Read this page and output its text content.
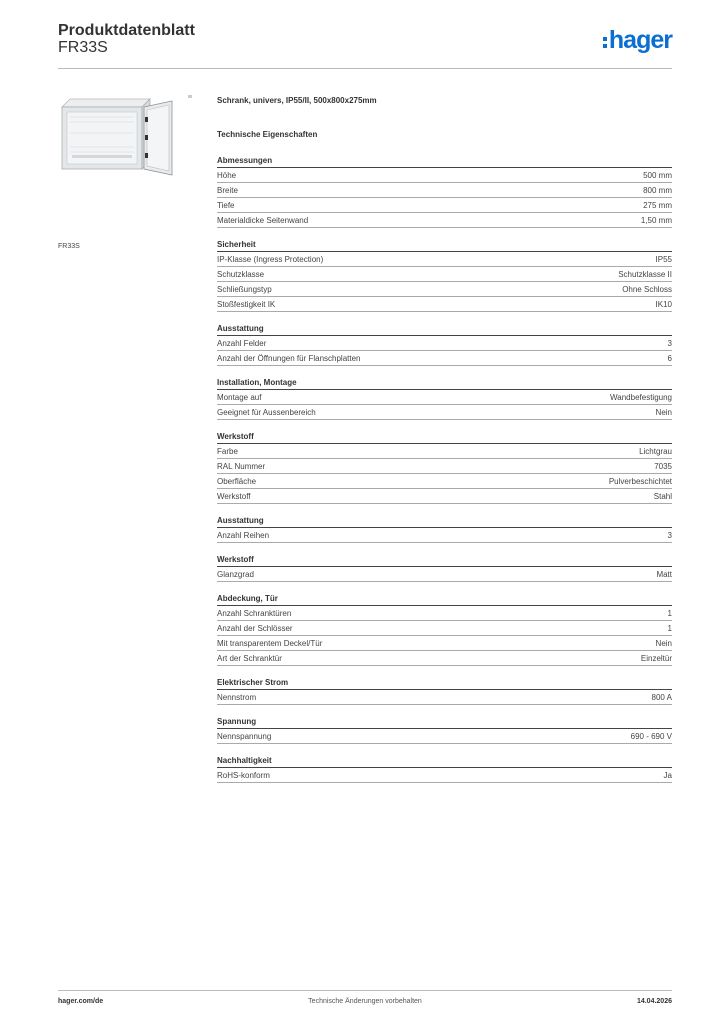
Produktdatenblatt
FR33S	hager
FR33S
Schrank, univers, IP55/II, 500x800x275mm
Technische Eigenschaften
Abmessungen
Höhe	500 mm
Breite	800 mm
Tiefe	275 mm
Materialdicke Seitenwand	1,50 mm
Sicherheit
IP-Klasse (Ingress Protection)	IP55
Schutzklasse	Schutzklasse II
Schließungstyp	Ohne Schloss
Stoßfestigkeit IK	IK10
Ausstattung
Anzahl Felder	3
Anzahl der Öffnungen für Flanschplatten	6
Installation, Montage
Montage auf	Wandbefestigung
Geeignet für Aussenbereich	Nein
Werkstoff
Farbe	Lichtgrau
RAL Nummer	7035
Oberfläche	Pulverbeschichtet
Werkstoff	Stahl
Ausstattung
Anzahl Reihen	3
Werkstoff
Glanzgrad	Matt
Abdeckung, Tür
Anzahl Schranktüren	1
Anzahl der Schlösser	1
Mit transparentem Deckel/Tür	Nein
Art der Schranktür	Einzeltür
Elektrischer Strom
Nennstrom	800 A
Spannung
Nennspannung	690 - 690 V
Nachhaltigkeit
RoHS-konform	Ja
hager.com/de	Technische Änderungen vorbehalten	14.04.2026
